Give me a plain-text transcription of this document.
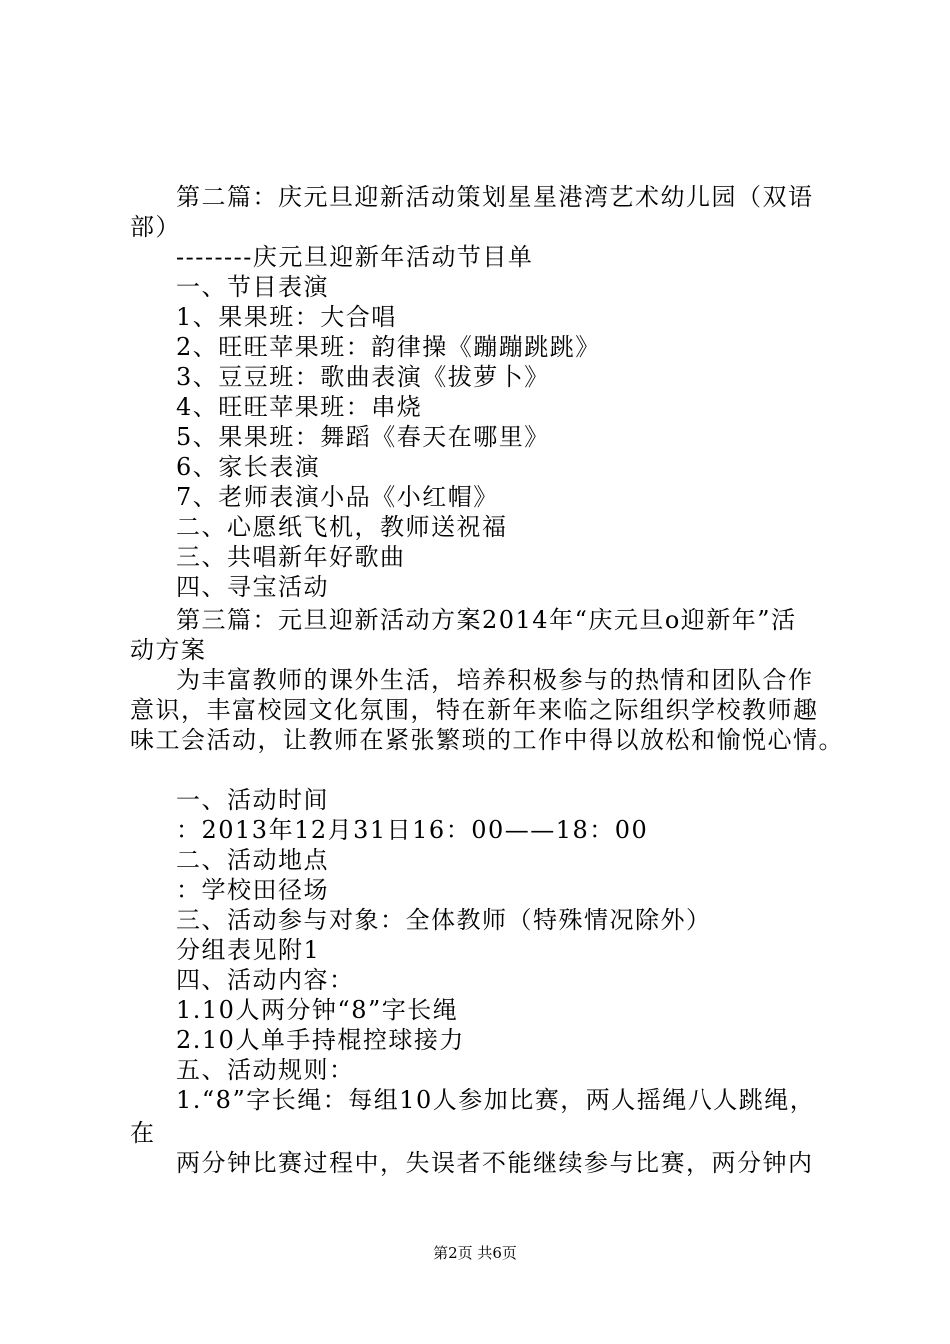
第二篇：庆元旦迎新活动策划星星港湾艺术幼儿园（双语
部）
--------庆元旦迎新年活动节目单
一、节目表演
1、果果班：大合唱
2、旺旺苹果班：韵律操《蹦蹦跳跳》
3、豆豆班：歌曲表演《拔萝卜》
4、旺旺苹果班：串烧
5、果果班：舞蹈《春天在哪里》
6、家长表演
7、老师表演小品《小红帽》
二、心愿纸飞机，教师送祝福
三、共唱新年好歌曲
四、寻宝活动
第三篇：元旦迎新活动方案2014年“庆元旦o迎新年”活
动方案
为丰富教师的课外生活，培养积极参与的热情和团队合作
意识，丰富校园文化氛围，特在新年来临之际组织学校教师趣
味工会活动，让教师在紧张繁琐的工作中得以放松和愉悦心情。
一、活动时间
：2013年12月31日16：00——18：00
二、活动地点
：学校田径场
三、活动参与对象：全体教师（特殊情况除外）
分组表见附1
四、活动内容：
1.10人两分钟“8”字长绳
2.10人单手持棍控球接力
五、活动规则：
1.“8”字长绳：每组10人参加比赛，两人摇绳八人跳绳，
在
两分钟比赛过程中，失误者不能继续参与比赛，两分钟内
第2页 共6页
